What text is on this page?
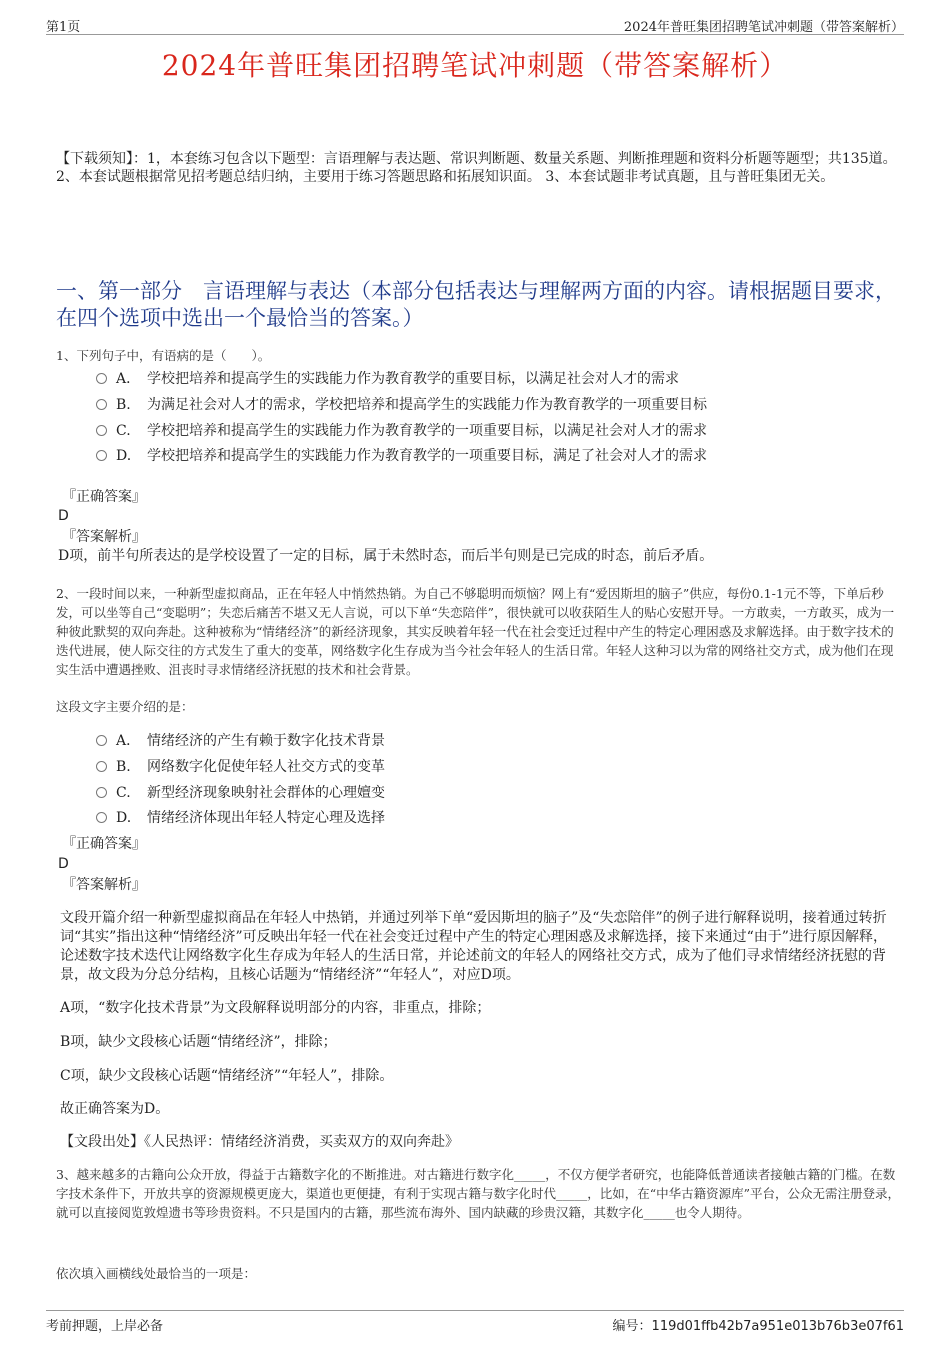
第1页	2024年普旺集团招聘笔试冲刺题（带答案解析）
2024年普旺集团招聘笔试冲刺题（带答案解析）
【下载须知】：1，本套练习包含以下题型：言语理解与表达题、常识判断题、数量关系题、判断推理题和资料分析题等题型；共135道。 2、本套试题根据常见招考题总结归纳，主要用于练习答题思路和拓展知识面。 3、本套试题非考试真题，且与普旺集团无关。
一、第一部分　言语理解与表达（本部分包括表达与理解两方面的内容。请根据题目要求，在四个选项中选出一个最恰当的答案。）
1、下列句子中，有语病的是（　　）。
A． 学校把培养和提高学生的实践能力作为教育教学的重要目标，以满足社会对人才的需求
B. 为满足社会对人才的需求，学校把培养和提高学生的实践能力作为教育教学的一项重要目标
C. 学校把培养和提高学生的实践能力作为教育教学的一项重要目标，以满足社会对人才的需求
D. 学校把培养和提高学生的实践能力作为教育教学的一项重要目标，满足了社会对人才的需求
『正确答案』
D
『答案解析』
D项，前半句所表达的是学校设置了一定的目标，属于未然时态，而后半句则是已完成的时态，前后矛盾。
2、一段时间以来，一种新型虚拟商品，正在年轻人中悄然热销。为自己不够聪明而烦恼？网上有“爱因斯坦的脑子”供应，每份0.1-1元不等，下单后秒发，可以坐等自己“变聪明”；失恋后痛苦不堪又无人言说，可以下单“失恋陪伴”，很快就可以收获陌生人的贴心安慰开导。一方敢卖，一方敢买，成为一种彼此默契的双向奔赴。这种被称为“情绪经济”的新经济现象，其实反映着年轻一代在社会变迁过程中产生的特定心理困惑及求解选择。由于数字技术的迭代进展，使人际交往的方式发生了重大的变革，网络数字化生存成为当今社会年轻人的生活日常。年轻人这种习以为常的网络社交方式，成为他们在现实生活中遭遇挫败、沮丧时寻求情绪经济抚慰的技术和社会背景。
这段文字主要介绍的是：
A． 情绪经济的产生有赖于数字化技术背景
B. 网络数字化促使年轻人社交方式的变革
C. 新型经济现象映射社会群体的心理嬗变
D. 情绪经济体现出年轻人特定心理及选择
『正确答案』
D
『答案解析』
文段开篇介绍一种新型虚拟商品在年轻人中热销，并通过列举下单“爱因斯坦的脑子”及“失恋陪伴”的例子进行解释说明，接着通过转折词“其实”指出这种“情绪经济”可反映出年轻一代在社会变迁过程中产生的特定心理困惑及求解选择，接下来通过“由于”进行原因解释，论述数字技术迭代让网络数字化生存成为年轻人的生活日常，并论述前文的年轻人的网络社交方式，成为了他们寻求情绪经济抚慰的背景，故文段为分总分结构，且核心话题为“情绪经济”“年轻人”，对应D项。
A项，“数字化技术背景”为文段解释说明部分的内容，非重点，排除；
B项，缺少文段核心话题“情绪经济”，排除；
C项，缺少文段核心话题“情绪经济”“年轻人”，排除。
故正确答案为D。
【文段出处】《人民热评：情绪经济消费，买卖双方的双向奔赴》
3、越来越多的古籍向公众开放，得益于古籍数字化的不断推进。对古籍进行数字化_____，不仅方便学者研究，也能降低普通读者接触古籍的门槛。在数字技术条件下，开放共享的资源规模更庞大，渠道也更便捷，有利于实现古籍与数字化时代_____，比如，在“中华古籍资源库”平台，公众无需注册登录，就可以直接阅览敦煌遗书等珍贵资料。不只是国内的古籍，那些流布海外、国内缺藏的珍贵汉籍，其数字化_____也令人期待。
依次填入画横线处最恰当的一项是：
考前押题，上岸必备	编号：119d01ffb42b7a951e013b76b3e07f61
